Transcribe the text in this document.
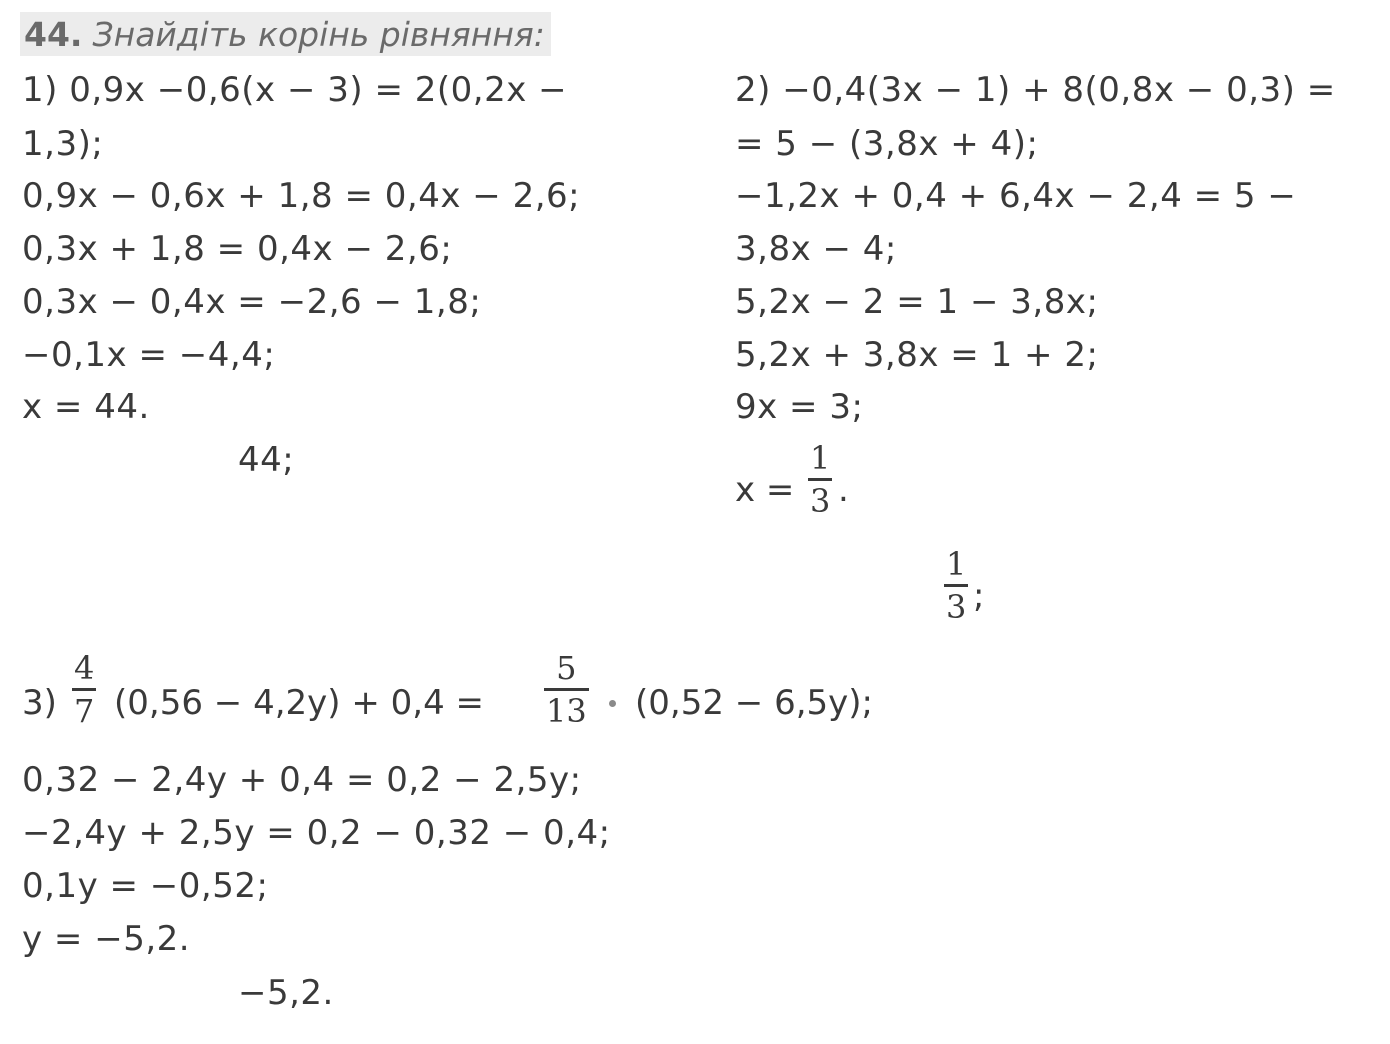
44. Знайдіть корінь рівняння:
1) 0,9x −0,6(x − 3) = 2(0,2x −
1,3);
0,9x − 0,6x + 1,8 = 0,4x − 2,6;
0,3x + 1,8 = 0,4x − 2,6;
0,3x − 0,4x = −2,6 − 1,8;
−0,1x = −4,4;
x = 44.
44;
2) −0,4(3x − 1) + 8(0,8x − 0,3) =
= 5 − (3,8x + 4);
−1,2x + 0,4 + 6,4x − 2,4 = 5 −
3,8x − 4;
5,2x − 2 = 1 − 3,8x;
5,2x + 3,8x = 1 + 2;
9x = 3;
x =
1
3 .
1
3 ;
3)
4
7 (0,56 − 4,2y) + 0,4 =
5
13 (0,52 − 6,5y);
0,32 − 2,4y + 0,4 = 0,2 − 2,5y;
−2,4y + 2,5y = 0,2 − 0,32 − 0,4;
0,1y = −0,52;
y = −5,2.
−5,2.
